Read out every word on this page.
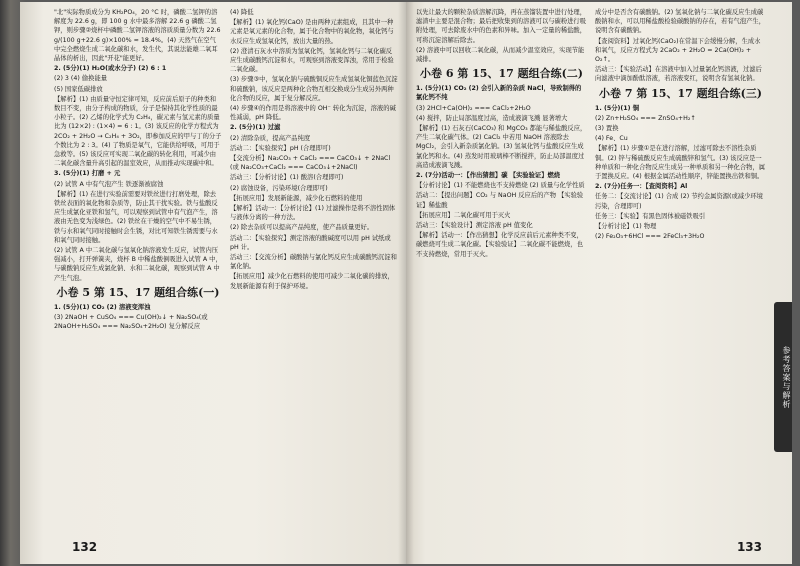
"北"实际物质成分为 KH₂PO₄，20 °C 时，磷酸二氢钾的溶解度为 22.6 g，即 100 g 水中最多溶解 22.6 g 磷酸二氢钾，则步骤②烧杯中磷酸二氢钾溶液的溶质质量分数为 22.6 g/(100 g+22.6 g)×100% ≈ 18.4%。(4) 天然气在空气中完全燃烧生成二氧化碳和水，发生代，其说法能雄二氧耳晶体的析出，因此"开花"能更好。

2. (5分)(1) H₂O(或水分子) (2) 6 : 1

(2) 3 (4) 偷换能量

(5) 国家低碳排放

【解析】(1) 由质量守恒定律可知，反应前后原子的种类和数目不变，由分子构成的物质，分子是保持其化学性质的最小粒子。(2) 乙烯的化学式为 C₂H₄，碳元素与氢元素的质量比为 (12×2) : (1×4) = 6 : 1。(3) 该反应的化学方程式为 2CO₂ + 2H₂O → C₂H₄ + 3O₂，即参加反应的甲与丁的分子个数比为 2 : 3。(4) 了物质是氧气，它能供给呼吸，可用于急救等。(5) 该反应可实现二氧化碳的转化利用，可减少由二氧化碳含量升高引起的温室效应，从而推动实现碳中和。

3. (5分)(1) 打磨 + 元

(2) 试管 A 中有气泡产生 铁逐渐被腐蚀

【解析】(1) 在进行实验前需要对铁丝进行打磨处理，除去铁丝表面的氧化物和杂质等，防止其干扰实验。铁与盐酸反应生成氯化亚铁和氢气，可以观察到试管中有气泡产生，溶液由无色变为浅绿色。(2) 铁丝在干燥的空气中不易生锈，铁与水和氧气同时接触时会生锈，对比可知铁生锈需要与水和氧气同时接触。

(2) 试管 A 中二氧化碳与氢氧化钠溶液发生反应，试管内压强减小，打开弹簧夹，烧杯 B 中稀盐酸倒吸进入试管 A 中，与碳酸钠反应生成氯化钠、水和二氧化碳，观察到试管 A 中产生气泡。

小卷 5 第 15、17 题组合练(一)

1. (5分)(1) CO₂ (2) 溶液变浑浊

(3) 2NaOH + CuSO₄ === Cu(OH)₂↓ + Na₂SO₄(或 2NaOH+H₂SO₄ === Na₂SO₄+2H₂O) 复分解反应

(4) 降低

【解析】(1) 氧化钙(CaO) 是由两种元素组成，且其中一种元素是氧元素的化合物，属于化合物中的氧化物，氧化钙与水反应生成氢氧化钙，放出大量的热。

(2) 澄清石灰水中溶质为氢氧化钙，氢氧化钙与二氧化碳反应生成碳酸钙沉淀和水，可观察到溶液变浑浊，常用于检验二氧化碳。

(3) 步骤③中，氢氧化钠与硫酸铜反应生成氢氧化铜蓝色沉淀和硫酸钠，该反应是两种化合物互相交换成分生成另外两种化合物的反应，属于复分解反应。

(4) 步骤④的作用是将溶液中的 OH⁻ 转化为沉淀，溶液的碱性减弱，pH 降低。

2. (5分)(1) 过滤

(2) 清除杂质，提高产品纯度

活动二：【实验探究】pH (合理即可)

【交流分析】Na₂CO₃ + CaCl₂ === CaCO₃↓ + 2NaCl (或 Na₂CO₃+CaCl₂ === CaCO₃↓+2NaCl)

活动三：【分析讨论】(1) 酸溶(合理即可)

(2) 腐蚀设备，污染环境(合理即可)

【拓展应用】发展新能源，减少化石燃料的使用

【解析】活动一：【分析讨论】(1) 过滤操作是将不溶性固体与液体分离的一种方法。

(2) 除去杂质可以提高产品纯度，使产品质量更好。

活动二：【实验探究】测定溶液的酸碱度可以用 pH 试纸或 pH 计。

活动三：【交流分析】碳酸钠与氯化钙反应生成碳酸钙沉淀和氯化钠。

【拓展应用】减少化石燃料的使用可减少二氧化碳的排放，发展新能源有利于保护环境。

132

以先让最大的颗粒杂质溶解沉降，再在蒸馏装置中进行处理，滤渣中主要是混合物；最后把收集到的溶液可以与碳粉进行吸附处理，可去除废水中的色素和异味。加入一定量的稀盐酸，可将沉淀溶解后除去。

(2) 溶液中可以回收二氧化碳，从而减少温室效应，实现节能减排。

小卷 6 第 15、17 题组合练(二)

1. (5分)(1) CO₂ (2) 会引入新的杂质 NaCl，导致制得的氯化钙不纯

(3) 2HCl+Ca(OH)₂ === CaCl₂+2H₂O

(4) 搅拌，防止局部温度过高，造成液滴飞溅 显著增大

【解析】(1) 石灰石(CaCO₃) 和 MgCO₃ 都能与稀盐酸反应，产生二氧化碳气体。(2) CaCl₂ 中若用 NaOH 溶液除去 MgCl₂，会引入新杂质氯化钠。(3) 氢氧化钙与盐酸反应生成氯化钙和水。(4) 蒸发时用玻璃棒不断搅拌，防止局部温度过高造成液滴飞溅。

2. (7分)活动一：【作出猜想】碳 【实验验证】燃烧

【分析讨论】(1) 不能燃烧也不支持燃烧 (2) 质量与化学性质

活动二：【提出问题】CO₂ 与 NaOH 反应后的产物 【实验验证】稀盐酸

【拓展应用】二氧化碳可用于灭火

活动三：【实验设计】测定溶液 pH 值变化

【解析】活动一：【作出猜想】化学反应前后元素种类不变，碳燃烧可生成二氧化碳。【实验验证】二氧化碳不能燃烧，也不支持燃烧，常用于灭火。

成分中是否含有碳酸钠。(2) 氢氧化钠与二氧化碳反应生成碳酸钠和水，可以用稀盐酸检验碳酸钠的存在，若有气泡产生，说明含有碳酸钠。

【查阅资料】过氧化钙(CaO₂)在常温下会缓慢分解，生成水和氧气，反应方程式为 2CaO₂ + 2H₂O = 2Ca(OH)₂ + O₂↑。

活动三：【实验活动】在溶液中加入过量氯化钙溶液，过滤后向滤液中滴加酚酞溶液，若溶液变红，说明含有氢氧化钠。

小卷 7 第 15、17 题组合练(三)

1. (5分)(1) 铜

(2) Zn+H₂SO₄ === ZnSO₄+H₂↑

(3) 置换

(4) Fe、Cu

【解析】(1) 步骤①是在进行溶解，过滤可除去不溶性杂质铜。(2) 锌与稀硫酸反应生成硫酸锌和氢气。(3) 该反应是一种单质和一种化合物反应生成另一种单质和另一种化合物，属于置换反应。(4) 根据金属活动性顺序，锌能置换出铁和铜。

2. (7分)任务一：【查阅资料】Al

任务二：【交流讨论】(1) 合成 (2) 节约金属资源(或减少环境污染，合理即可)

任务三：【实验】有黑色固体被磁铁吸引

【分析讨论】(1) 物理

(2) Fe₂O₃+6HCl === 2FeCl₃+3H₂O

参考答案与解析
133
